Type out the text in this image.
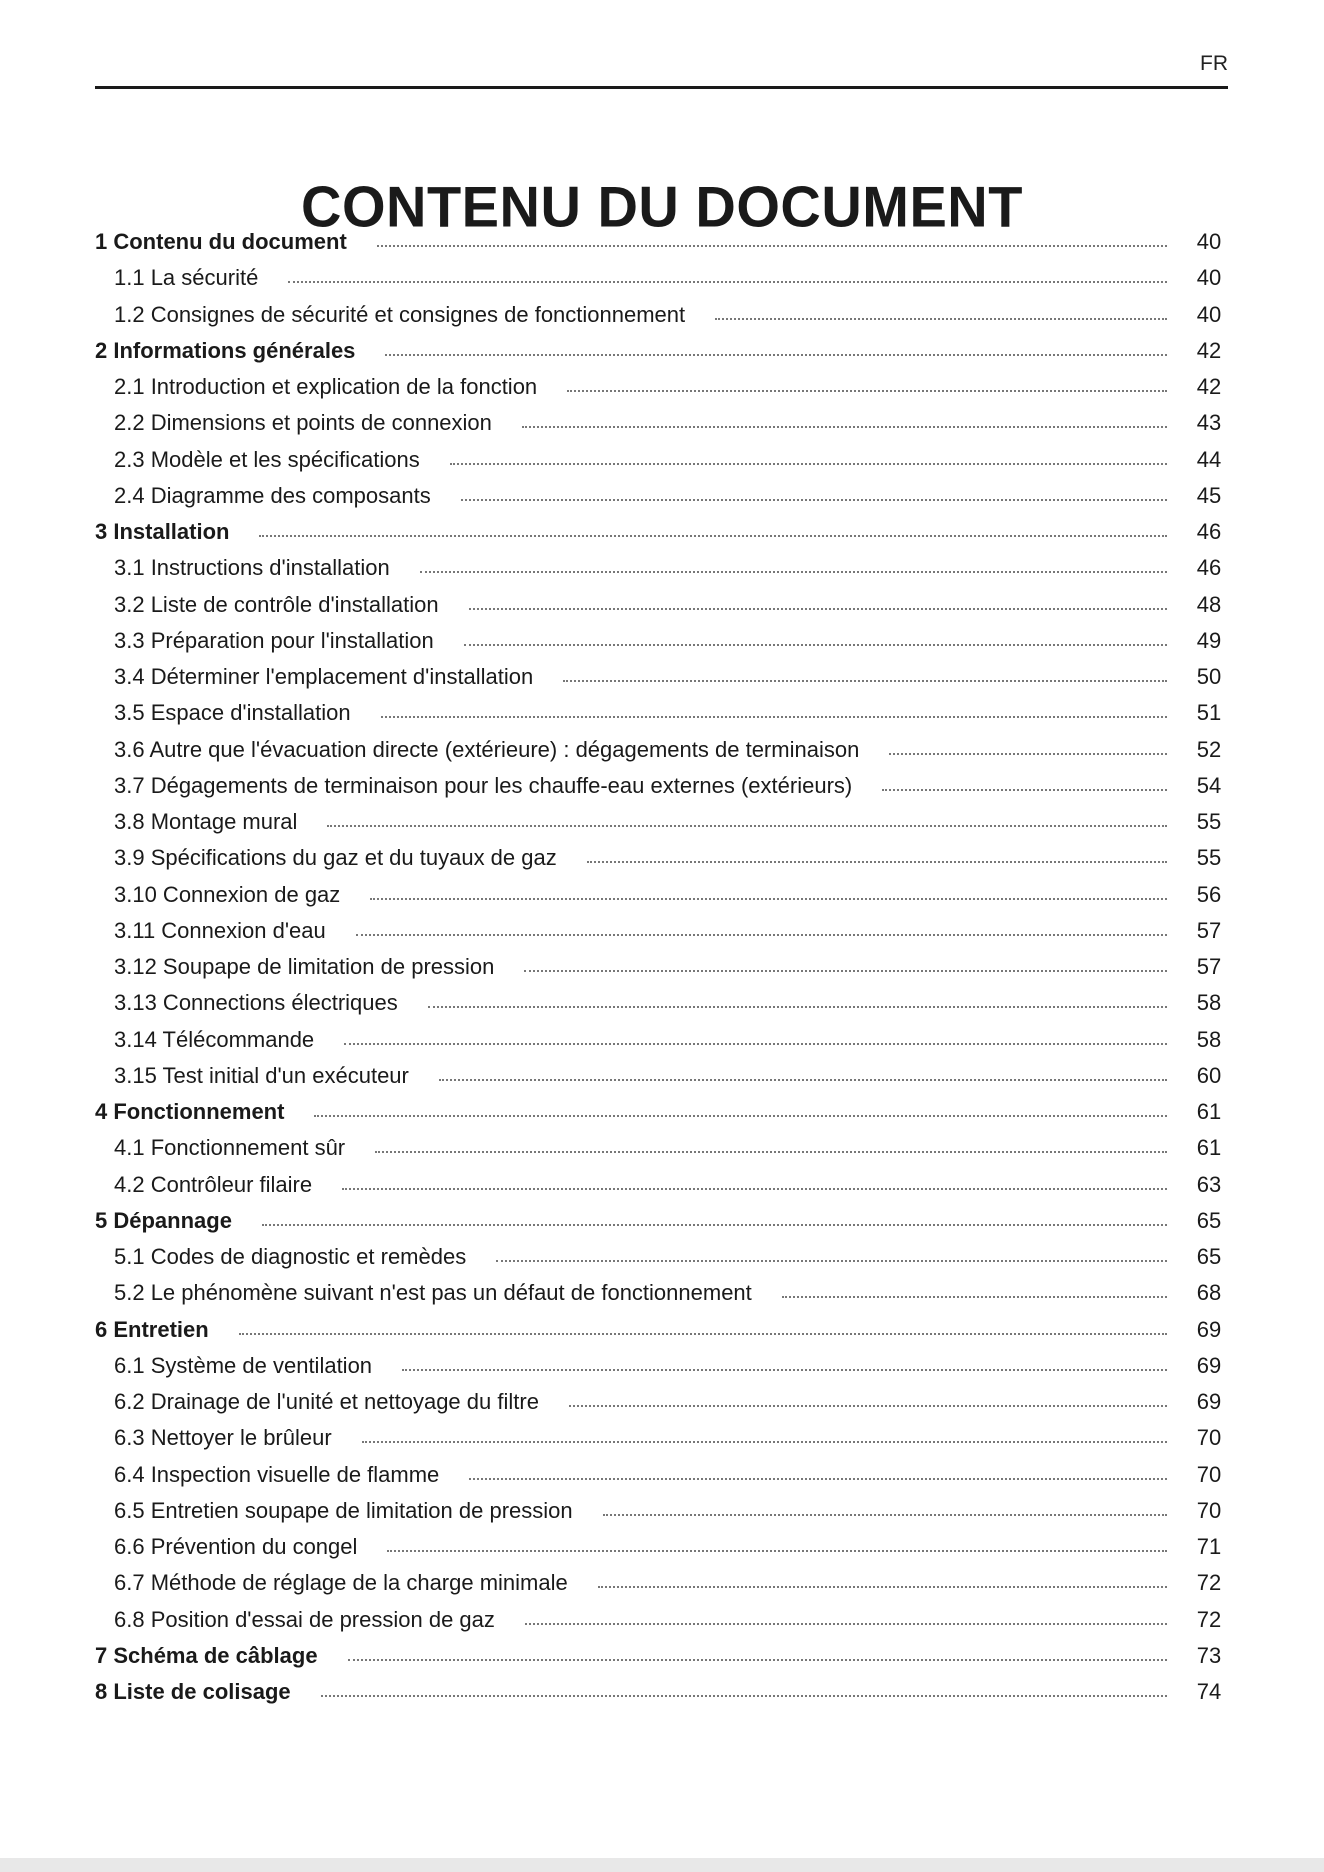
FR
CONTENU DU DOCUMENT
1 Contenu du document	40
1.1 La sécurité	40
1.2 Consignes de sécurité et consignes de fonctionnement	40
2 Informations générales	42
2.1 Introduction et explication de la fonction	42
2.2 Dimensions et points de connexion	43
2.3 Modèle et les spécifications	44
2.4 Diagramme des composants	45
3 Installation	46
3.1 Instructions d'installation	46
3.2 Liste de contrôle d'installation	48
3.3 Préparation pour l'installation	49
3.4 Déterminer l'emplacement d'installation	50
3.5 Espace d'installation	51
3.6 Autre que l'évacuation directe (extérieure) : dégagements de terminaison	52
3.7 Dégagements de terminaison pour les chauffe-eau externes (extérieurs)	54
3.8 Montage mural	55
3.9 Spécifications du gaz et du tuyaux de gaz	55
3.10 Connexion de gaz	56
3.11 Connexion d'eau	57
3.12 Soupape de limitation de pression	57
3.13 Connections électriques	58
3.14 Télécommande	58
3.15 Test initial d'un exécuteur	60
4 Fonctionnement	61
4.1 Fonctionnement sûr	61
4.2 Contrôleur filaire	63
5 Dépannage	65
5.1 Codes de diagnostic et remèdes	65
5.2 Le phénomène suivant n'est pas un défaut de fonctionnement	68
6 Entretien	69
6.1 Système de ventilation	69
6.2 Drainage de l'unité et nettoyage du filtre	69
6.3 Nettoyer le brûleur	70
6.4 Inspection visuelle de flamme	70
6.5 Entretien soupape de limitation de pression	70
6.6 Prévention du congel	71
6.7 Méthode de réglage de la charge minimale	72
6.8 Position d'essai de pression de gaz	72
7 Schéma de câblage	73
8 Liste de colisage	74
